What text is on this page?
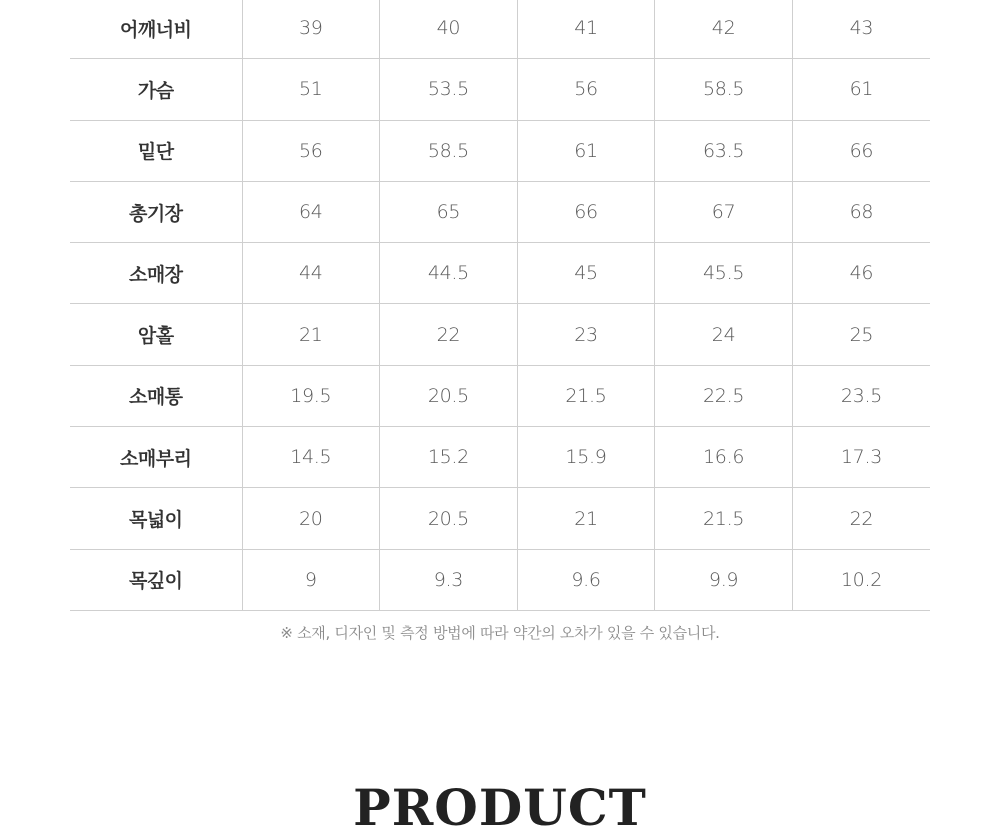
어깨너비	39	40	41	42	43
가슴	51	53.5	56	58.5	61
밑단	56	58.5	61	63.5	66
총기장	64	65	66	67	68
소매장	44	44.5	45	45.5	46
암홀	21	22	23	24	25
소매통	19.5	20.5	21.5	22.5	23.5
소매부리	14.5	15.2	15.9	16.6	17.3
목넓이	20	20.5	21	21.5	22
목깊이	9	9.3	9.6	9.9	10.2

※ 소재, 디자인 및 측정 방법에 따라 약간의 오차가 있을 수 있습니다.

PRODUCT
